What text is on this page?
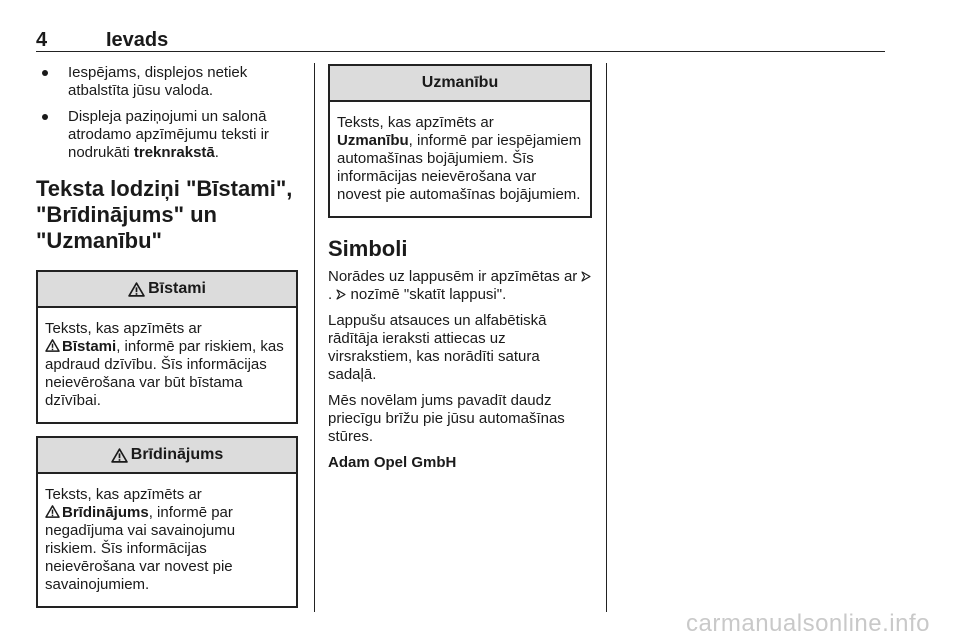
4	Ievads
Iespējams, displejos netiek atbalstīta jūsu valoda.
Displeja paziņojumi un salonā atrodamo apzīmējumu teksti ir nodrukāti treknrakstā.
Teksta lodziņi "Bīstami",
"Brīdinājums" un
"Uzmanību"
Bīstami

Teksts, kas apzīmēts ar
Bīstami, informē par riskiem, kas apdraud dzīvību. Šīs informācijas neievērošana var būt bīstama dzīvībai.

Brīdinājums

Teksts, kas apzīmēts ar
Brīdinājums, informē par negadījuma vai savainojumu riskiem. Šīs informācijas neievērošana var novest pie savainojumiem.

Uzmanību

Teksts, kas apzīmēts ar
Uzmanību, informē par iespējamiem automašīnas bojājumiem. Šīs informācijas neievērošana var novest pie automašīnas bojājumiem.

Simboli

Norādes uz lappusēm ir apzīmētas ar . nozīmē "skatīt lappusi".

Lappušu atsauces un alfabētiskā rādītāja ieraksti attiecas uz virsrakstiem, kas norādīti satura sadaļā.

Mēs novēlam jums pavadīt daudz priecīgu brīžu pie jūsu automašīnas stūres.

Adam Opel GmbH
carmanualsonline.info
